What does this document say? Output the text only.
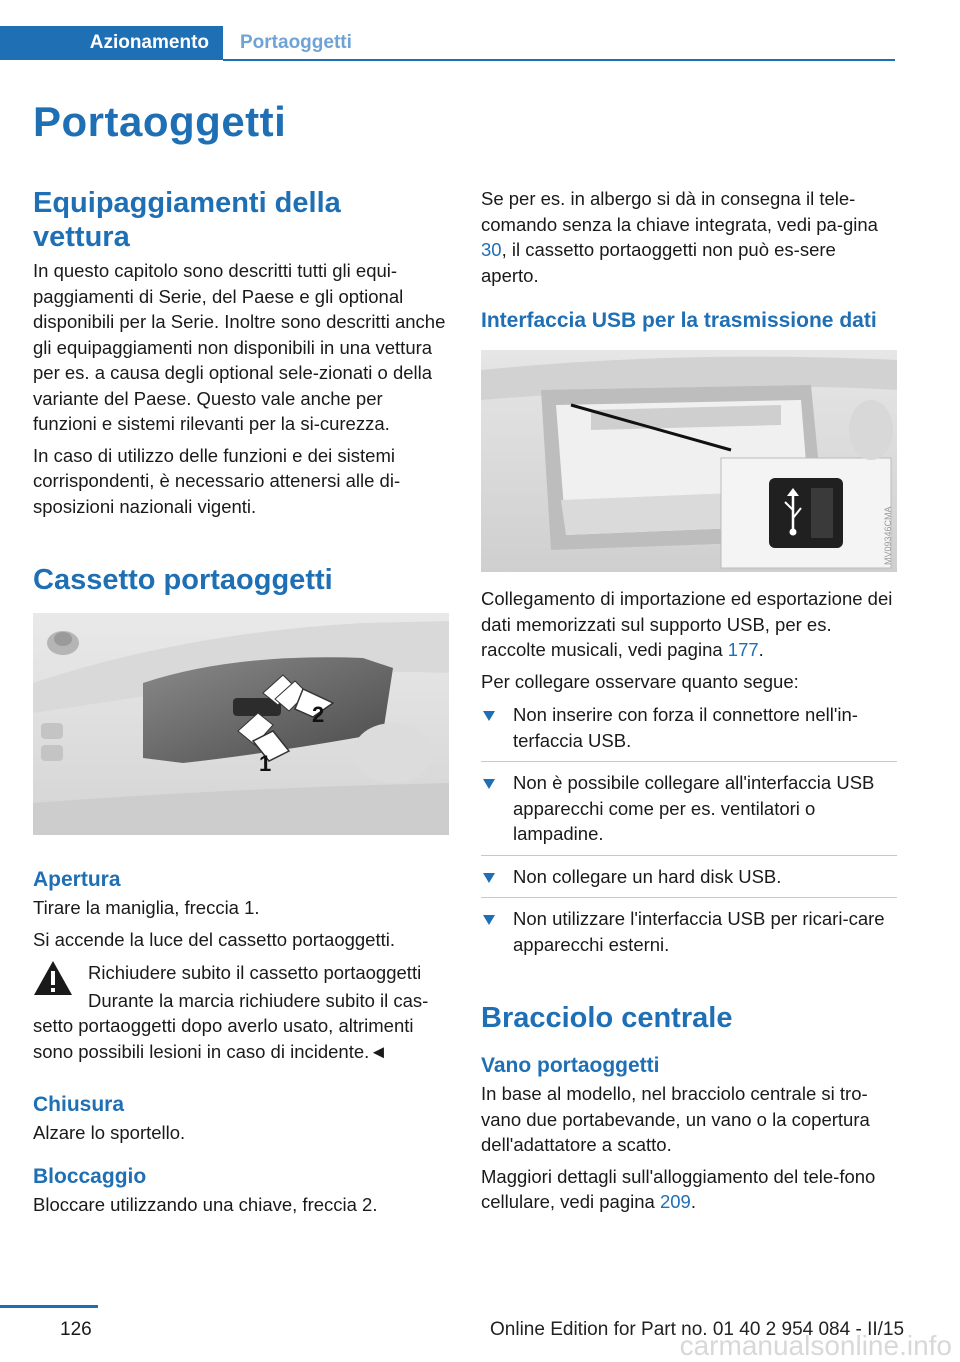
Azionamento	Portaoggetti
Portaoggetti
Equipaggiamenti della vettura

In questo capitolo sono descritti tutti gli equi-paggiamenti di Serie, del Paese e gli optional disponibili per la Serie. Inoltre sono descritti anche gli equipaggiamenti non disponibili in una vettura per es. a causa degli optional sele-zionati o della variante del Paese. Questo vale anche per funzioni e sistemi rilevanti per la si-curezza.

In caso di utilizzo delle funzioni e dei sistemi corrispondenti, è necessario attenersi alle di-sposizioni nazionali vigenti.

Cassetto portaoggetti
2
1
Apertura

Tirare la maniglia, freccia 1.

Si accende la luce del cassetto portaoggetti.

Richiudere subito il cassetto portaoggetti

Durante la marcia richiudere subito il cas-setto portaoggetti dopo averlo usato, altrimenti sono possibili lesioni in caso di incidente.◄

Chiusura

Alzare lo sportello.

Bloccaggio

Bloccare utilizzando una chiave, freccia 2.

Se per es. in albergo si dà in consegna il tele-comando senza la chiave integrata, vedi pa-gina 30, il cassetto portaoggetti non può es-sere aperto.

Interfaccia USB per la trasmissione dati
MV09346CMA

Collegamento di importazione ed esportazione dei dati memorizzati sul supporto USB, per es. raccolte musicali, vedi pagina 177.

Per collegare osservare quanto segue:

Non inserire con forza il connettore nell'in-terfaccia USB.
Non è possibile collegare all'interfaccia USB apparecchi come per es. ventilatori o lampadine.
Non collegare un hard disk USB.
Non utilizzare l'interfaccia USB per ricari-care apparecchi esterni.
Bracciolo centrale
Vano portaoggetti

In base al modello, nel bracciolo centrale si tro-vano due portabevande, un vano o la copertura dell'adattatore a scatto.

Maggiori dettagli sull'alloggiamento del tele-fono cellulare, vedi pagina 209.

126	Online Edition for Part no. 01 40 2 954 084 - II/15
carmanualsonline.info
